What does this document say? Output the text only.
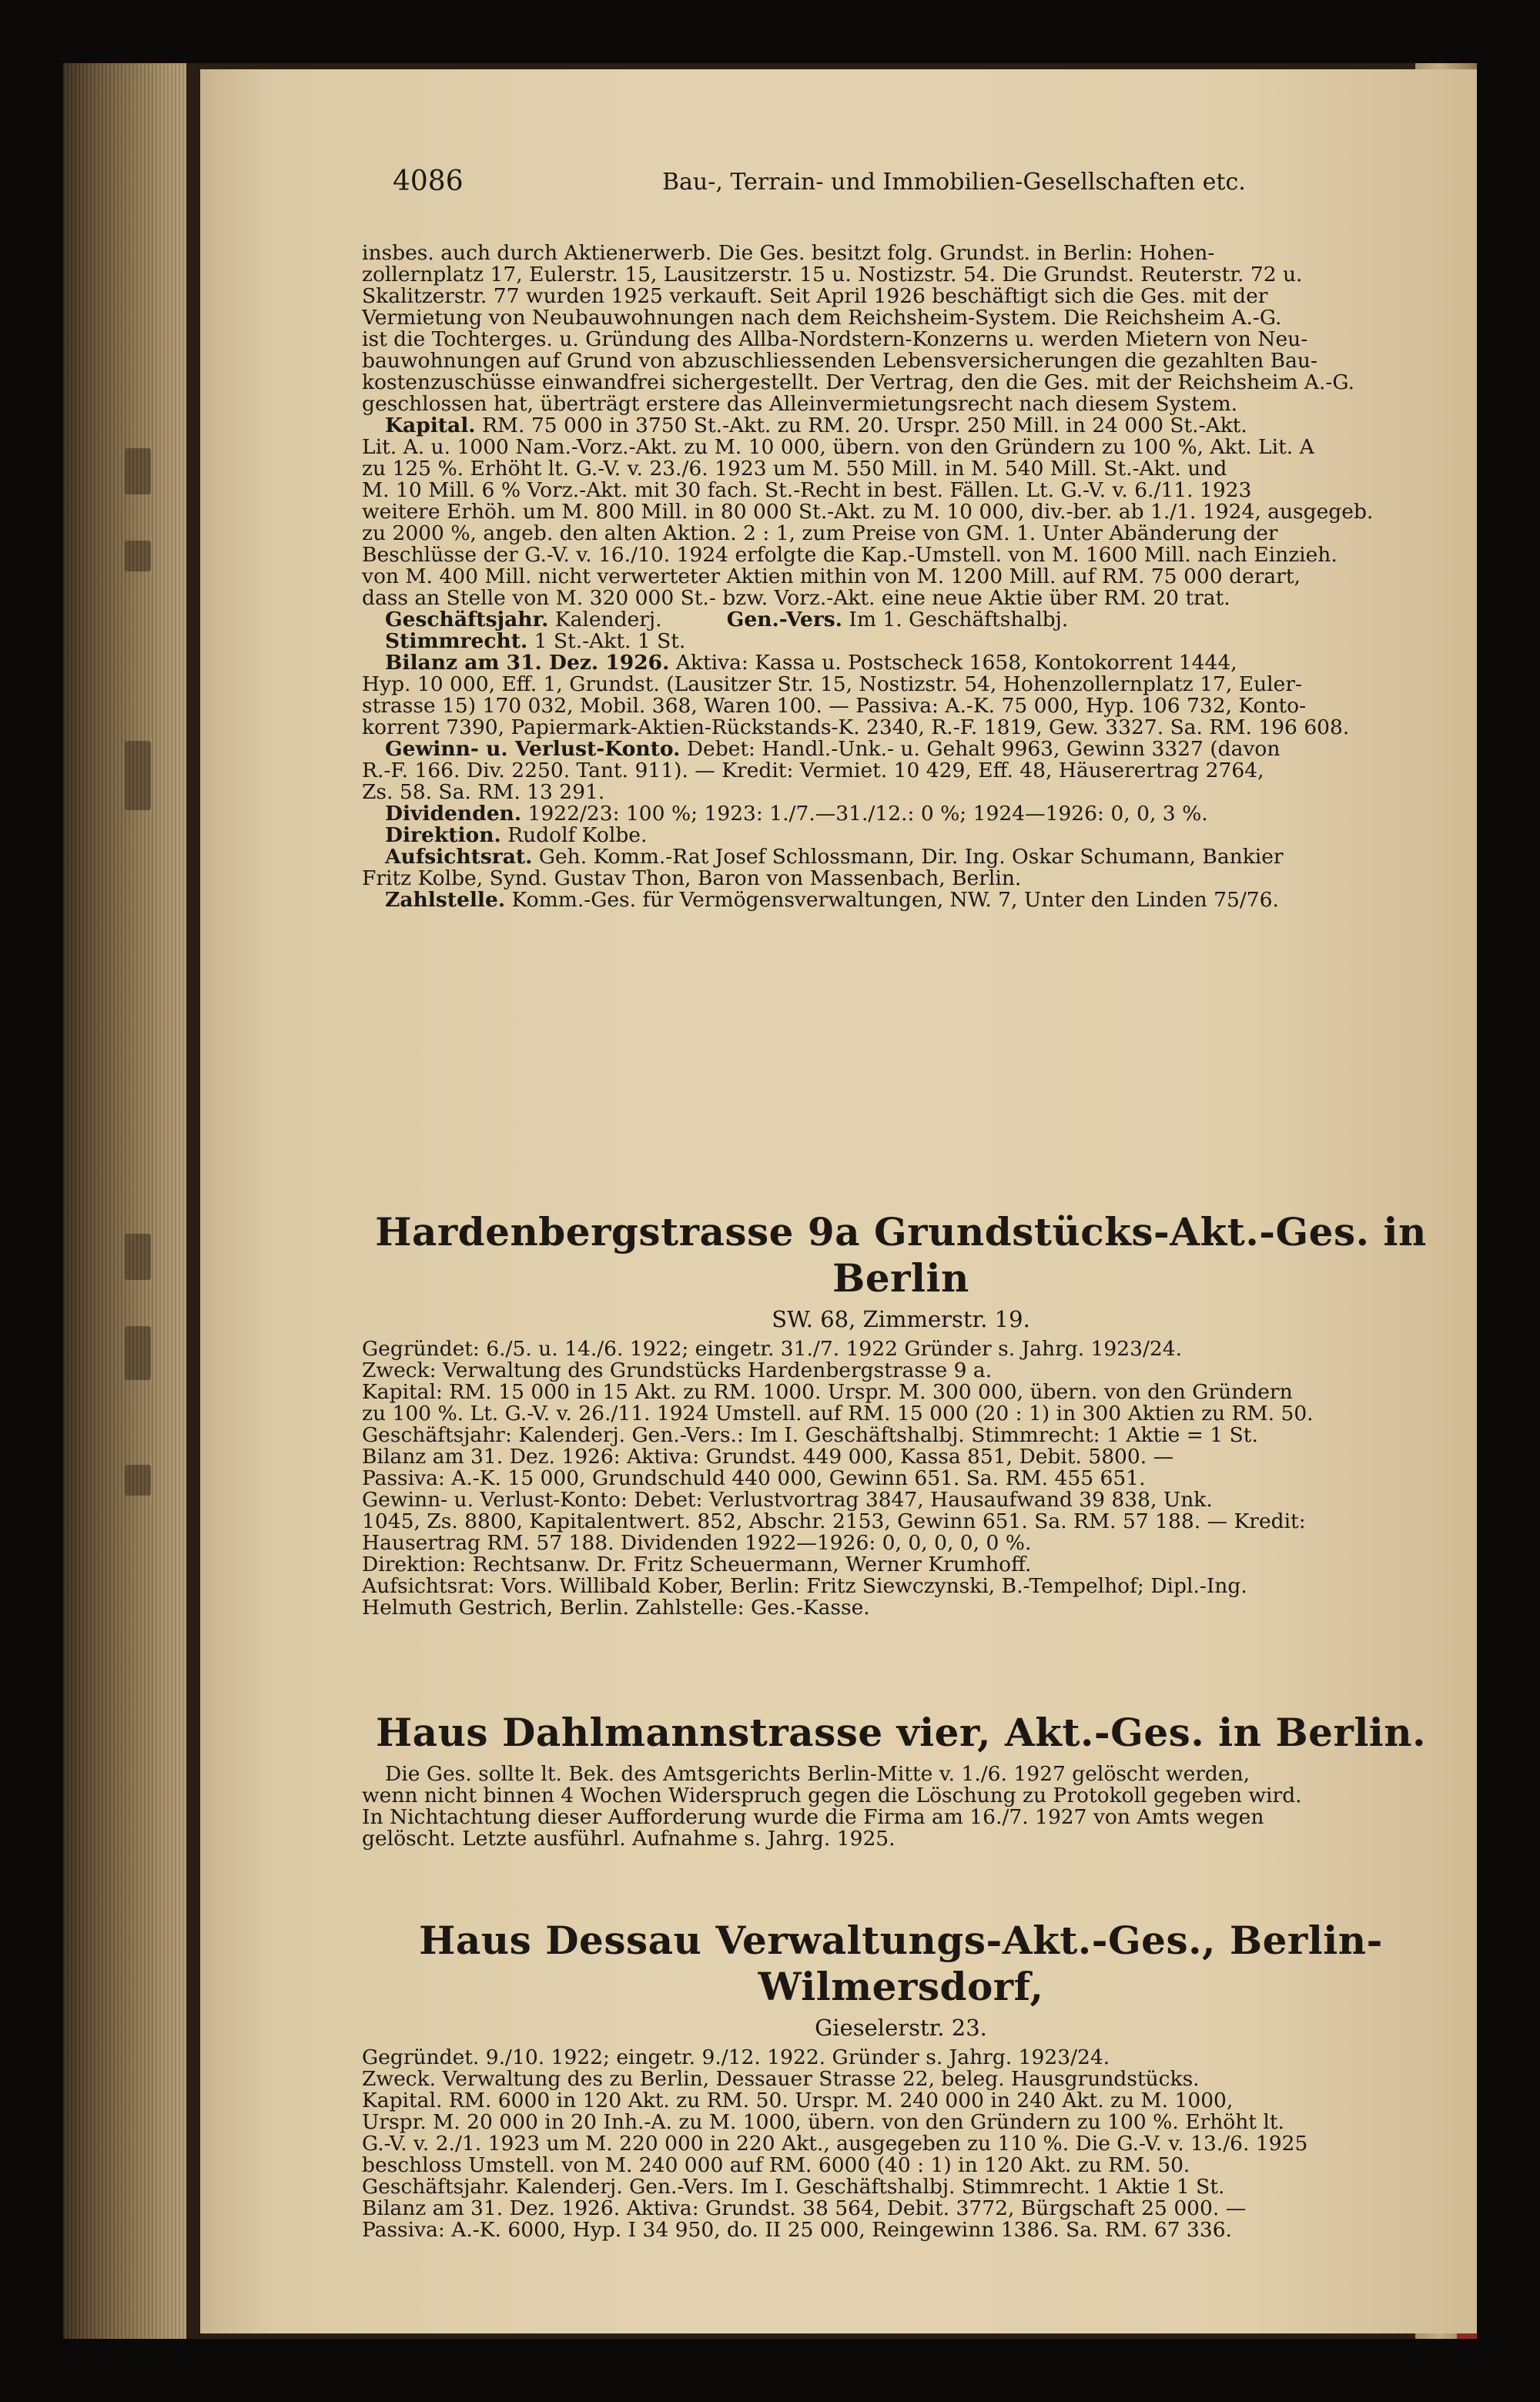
4086	Bau-, Terrain- und Immobilien-Gesellschaften etc.

insbes. auch durch Aktienerwerb. Die Ges. besitzt folg. Grundst. in Berlin: Hohen-

zollernplatz 17, Eulerstr. 15, Lausitzerstr. 15 u. Nostizstr. 54. Die Grundst. Reuterstr. 72 u.

Skalitzerstr. 77 wurden 1925 verkauft. Seit April 1926 beschäftigt sich die Ges. mit der

Vermietung von Neubauwohnungen nach dem Reichsheim-System. Die Reichsheim A.-G.

ist die Tochterges. u. Gründung des Allba-Nordstern-Konzerns u. werden Mietern von Neu-

bauwohnungen auf Grund von abzuschliessenden Lebensversicherungen die gezahlten Bau-

kostenzuschüsse einwandfrei sichergestellt. Der Vertrag, den die Ges. mit der Reichsheim A.-G.

geschlossen hat, überträgt erstere das Alleinvermietungsrecht nach diesem System.

Kapital. RM. 75 000 in 3750 St.-Akt. zu RM. 20. Urspr. 250 Mill. in 24 000 St.-Akt.

Lit. A. u. 1000 Nam.-Vorz.-Akt. zu M. 10 000, übern. von den Gründern zu 100 %, Akt. Lit. A

zu 125 %. Erhöht lt. G.-V. v. 23./6. 1923 um M. 550 Mill. in M. 540 Mill. St.-Akt. und

M. 10 Mill. 6 % Vorz.-Akt. mit 30 fach. St.-Recht in best. Fällen. Lt. G.-V. v. 6./11. 1923

weitere Erhöh. um M. 800 Mill. in 80 000 St.-Akt. zu M. 10 000, div.-ber. ab 1./1. 1924, ausgegeb.

zu 2000 %, angeb. den alten Aktion. 2 : 1, zum Preise von GM. 1. Unter Abänderung der

Beschlüsse der G.-V. v. 16./10. 1924 erfolgte die Kap.-Umstell. von M. 1600 Mill. nach Einzieh.

von M. 400 Mill. nicht verwerteter Aktien mithin von M. 1200 Mill. auf RM. 75 000 derart,

dass an Stelle von M. 320 000 St.- bzw. Vorz.-Akt. eine neue Aktie über RM. 20 trat.

Geschäftsjahr. Kalenderj.	Gen.-Vers. Im 1. Geschäftshalbj.

Stimmrecht. 1 St.-Akt. 1 St.

Bilanz am 31. Dez. 1926. Aktiva: Kassa u. Postscheck 1658, Kontokorrent 1444,

Hyp. 10 000, Eff. 1, Grundst. (Lausitzer Str. 15, Nostizstr. 54, Hohenzollernplatz 17, Euler-

strasse 15) 170 032, Mobil. 368, Waren 100. — Passiva: A.-K. 75 000, Hyp. 106 732, Konto-

korrent 7390, Papiermark-Aktien-Rückstands-K. 2340, R.-F. 1819, Gew. 3327. Sa. RM. 196 608.

Gewinn- u. Verlust-Konto. Debet: Handl.-Unk.- u. Gehalt 9963, Gewinn 3327 (davon

R.-F. 166. Div. 2250. Tant. 911). — Kredit: Vermiet. 10 429, Eff. 48, Häuserertrag 2764,

Zs. 58. Sa. RM. 13 291.

Dividenden. 1922/23: 100 %; 1923: 1./7.—31./12.: 0 %; 1924—1926: 0, 0, 3 %.

Direktion. Rudolf Kolbe.

Aufsichtsrat. Geh. Komm.-Rat Josef Schlossmann, Dir. Ing. Oskar Schumann, Bankier

Fritz Kolbe, Synd. Gustav Thon, Baron von Massenbach, Berlin.

Zahlstelle. Komm.-Ges. für Vermögensverwaltungen, NW. 7, Unter den Linden 75/76.

Hardenbergstrasse 9a Grundstücks-Akt.-Ges. in Berlin

SW. 68, Zimmerstr. 19.

Gegründet: 6./5. u. 14./6. 1922; eingetr. 31./7. 1922 Gründer s. Jahrg. 1923/24.

Zweck: Verwaltung des Grundstücks Hardenbergstrasse 9 a.

Kapital: RM. 15 000 in 15 Akt. zu RM. 1000. Urspr. M. 300 000, übern. von den Gründern

zu 100 %. Lt. G.-V. v. 26./11. 1924 Umstell. auf RM. 15 000 (20 : 1) in 300 Aktien zu RM. 50.

Geschäftsjahr: Kalenderj. Gen.-Vers.: Im I. Geschäftshalbj. Stimmrecht: 1 Aktie = 1 St.

Bilanz am 31. Dez. 1926: Aktiva: Grundst. 449 000, Kassa 851, Debit. 5800. —

Passiva: A.-K. 15 000, Grundschuld 440 000, Gewinn 651. Sa. RM. 455 651.

Gewinn- u. Verlust-Konto: Debet: Verlustvortrag 3847, Hausaufwand 39 838, Unk.

1045, Zs. 8800, Kapitalentwert. 852, Abschr. 2153, Gewinn 651. Sa. RM. 57 188. — Kredit:

Hausertrag RM. 57 188. Dividenden 1922—1926: 0, 0, 0, 0, 0 %.

Direktion: Rechtsanw. Dr. Fritz Scheuermann, Werner Krumhoff.

Aufsichtsrat: Vors. Willibald Kober, Berlin: Fritz Siewczynski, B.-Tempelhof; Dipl.-Ing.

Helmuth Gestrich, Berlin. Zahlstelle: Ges.-Kasse.

Haus Dahlmannstrasse vier, Akt.-Ges. in Berlin.

Die Ges. sollte lt. Bek. des Amtsgerichts Berlin-Mitte v. 1./6. 1927 gelöscht werden,

wenn nicht binnen 4 Wochen Widerspruch gegen die Löschung zu Protokoll gegeben wird.

In Nichtachtung dieser Aufforderung wurde die Firma am 16./7. 1927 von Amts wegen

gelöscht. Letzte ausführl. Aufnahme s. Jahrg. 1925.

Haus Dessau Verwaltungs-Akt.-Ges., Berlin-Wilmersdorf,

Gieselerstr. 23.

Gegründet. 9./10. 1922; eingetr. 9./12. 1922. Gründer s. Jahrg. 1923/24.

Zweck. Verwaltung des zu Berlin, Dessauer Strasse 22, beleg. Hausgrundstücks.

Kapital. RM. 6000 in 120 Akt. zu RM. 50. Urspr. M. 240 000 in 240 Akt. zu M. 1000,

Urspr. M. 20 000 in 20 Inh.-A. zu M. 1000, übern. von den Gründern zu 100 %. Erhöht lt.

G.-V. v. 2./1. 1923 um M. 220 000 in 220 Akt., ausgegeben zu 110 %. Die G.-V. v. 13./6. 1925

beschloss Umstell. von M. 240 000 auf RM. 6000 (40 : 1) in 120 Akt. zu RM. 50.

Geschäftsjahr. Kalenderj. Gen.-Vers. Im I. Geschäftshalbj. Stimmrecht. 1 Aktie 1 St.

Bilanz am 31. Dez. 1926. Aktiva: Grundst. 38 564, Debit. 3772, Bürgschaft 25 000. —

Passiva: A.-K. 6000, Hyp. I 34 950, do. II 25 000, Reingewinn 1386. Sa. RM. 67 336.
